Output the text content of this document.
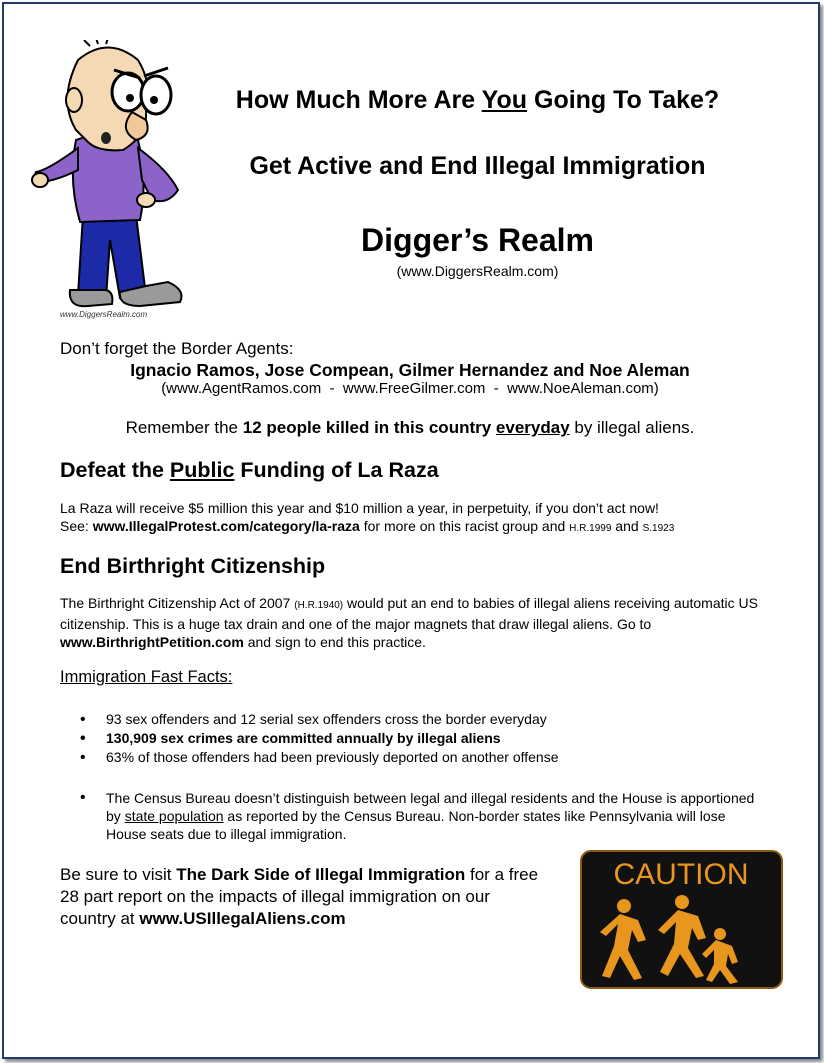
www.DiggersRealm.com
How Much More Are You Going To Take?
Get Active and End Illegal Immigration
Digger’s Realm
(www.DiggersRealm.com)
Don’t forget the Border Agents:
Ignacio Ramos, Jose Compean, Gilmer Hernandez and Noe Aleman
(www.AgentRamos.com  -  www.FreeGilmer.com  -  www.NoeAleman.com)
Remember the 12 people killed in this country everyday by illegal aliens.
Defeat the Public Funding of La Raza
La Raza will receive $5 million this year and $10 million a year, in perpetuity, if you don’t act now!
See: www.IllegalProtest.com/category/la-raza for more on this racist group and H.R.1999 and S.1923
End Birthright Citizenship
The Birthright Citizenship Act of 2007 (H.R.1940) would put an end to babies of illegal aliens receiving automatic US citizenship. This is a huge tax drain and one of the major magnets that draw illegal aliens. Go to www.BirthrightPetition.com and sign to end this practice.
Immigration Fast Facts:
• 93 sex offenders and 12 serial sex offenders cross the border everyday
• 130,909 sex crimes are committed annually by illegal aliens
• 63% of those offenders had been previously deported on another offense
• The Census Bureau doesn’t distinguish between legal and illegal residents and the House is apportioned by state population as reported by the Census Bureau. Non-border states like Pennsylvania will lose House seats due to illegal immigration.
Be sure to visit The Dark Side of Illegal Immigration for a free 28 part report on the impacts of illegal immigration on our country at www.USIllegalAliens.com
CAUTION
